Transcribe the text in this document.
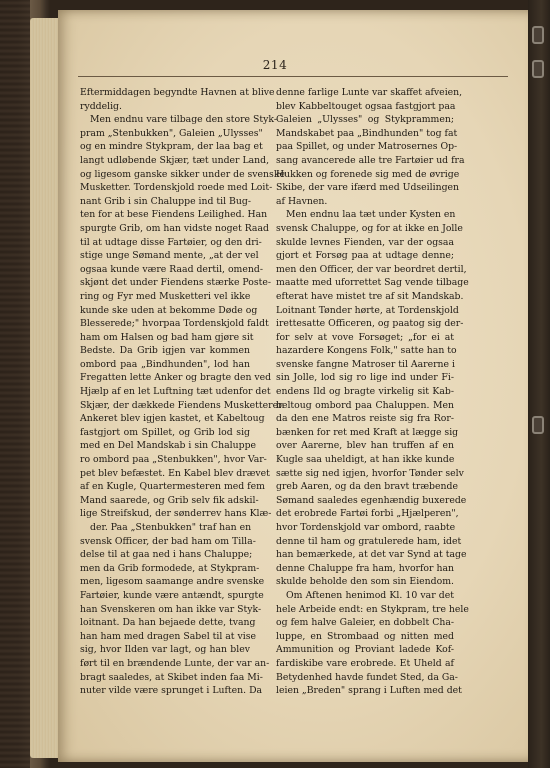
214
Eftermiddagen begyndte Havnen at blive
ryddelig.
Men endnu vare tilbage den store Styk-
pram „Stenbukken", Galeien „Ulysses"
og en mindre Stykpram, der laa bag et
langt udløbende Skjær, tæt under Land,
og ligesom ganske sikker under de svenske
Musketter. Tordenskjold roede med Loit-
nant Grib i sin Chaluppe ind til Bug-
ten for at bese Fiendens Leilighed. Han
spurgte Grib, om han vidste noget Raad
til at udtage disse Fartøier, og den dri-
stige unge Sømand mente, „at der vel
ogsaa kunde være Raad dertil, omend-
skjønt det under Fiendens stærke Poste-
ring og Fyr med Musketteri vel ikke
kunde ske uden at bekomme Døde og
Blesserede;" hvorpaa Tordenskjold faldt
ham om Halsen og bad ham gjøre sit
Bedste. Da Grib igjen var kommen
ombord paa „Bindhunden", lod han
Fregatten lette Anker og bragte den ved
Hjælp af en let Luftning tæt udenfor det
Skjær, der dækkede Fiendens Musketterer.
Ankeret blev igjen kastet, et Kabeltoug
fastgjort om Spillet, og Grib lod sig
med en Del Mandskab i sin Chaluppe
ro ombord paa „Stenbukken", hvor Var-
pet blev befæstet. En Kabel blev drævet
af en Kugle, Quartermesteren med fem
Mand saarede, og Grib selv fik adskil-
lige Streifskud, der sønderrev hans Klæ-
der. Paa „Stenbukken" traf han en
svensk Officer, der bad ham om Tilla-
delse til at gaa ned i hans Chaluppe;
men da Grib formodede, at Stykpram-
men, ligesom saamange andre svenske
Fartøier, kunde være antændt, spurgte
han Svenskeren om han ikke var Styk-
loitnant. Da han bejaede dette, tvang
han ham med dragen Sabel til at vise
sig, hvor Ilden var lagt, og han blev
ført til en brændende Lunte, der var an-
bragt saaledes, at Skibet inden faa Mi-
nuter vilde være sprunget i Luften. Da
denne farlige Lunte var skaffet afveien,
blev Kabbeltouget ogsaa fastgjort paa
Galeien „Ulysses" og Stykprammen;
Mandskabet paa „Bindhunden" tog fat
paa Spillet, og under Matrosernes Op-
sang avancerede alle tre Fartøier ud fra
Hukken og forenede sig med de øvrige
Skibe, der vare ifærd med Udseilingen
af Havnen.
Men endnu laa tæt under Kysten en
svensk Chaluppe, og for at ikke en Jolle
skulde levnes Fienden, var der ogsaa
gjort et Forsøg paa at udtage denne;
men den Officer, der var beordret dertil,
maatte med uforrettet Sag vende tilbage
efterat have mistet tre af sit Mandskab.
Loitnant Tønder hørte, at Tordenskjold
irettesatte Officeren, og paatog sig der-
for selv at vove Forsøget; „for ei at
hazardere Kongens Folk," satte han to
svenske fangne Matroser til Aarerne i
sin Jolle, lod sig ro lige ind under Fi-
endens Ild og bragte virkelig sit Kab-
beltoug ombord paa Chaluppen. Men
da den ene Matros reiste sig fra Ror-
bænken for ret med Kraft at lægge sig
over Aarerne, blev han truffen af en
Kugle saa uheldigt, at han ikke kunde
sætte sig ned igjen, hvorfor Tønder selv
greb Aaren, og da den bravt træbende
Sømand saaledes egenhændig buxerede
det erobrede Fartøi forbi „Hjælperen",
hvor Tordenskjold var ombord, raabte
denne til ham og gratulerede ham, idet
han bemærkede, at det var Synd at tage
denne Chaluppe fra ham, hvorfor han
skulde beholde den som sin Eiendom.
Om Aftenen henimod Kl. 10 var det
hele Arbeide endt: en Stykpram, tre hele
og fem halve Galeier, en dobbelt Cha-
luppe, en Strombaad og nitten med
Ammunition og Proviant ladede Kof-
fardiskibe vare erobrede. Et Uheld af
Betydenhed havde fundet Sted, da Ga-
leien „Breden" sprang i Luften med det
